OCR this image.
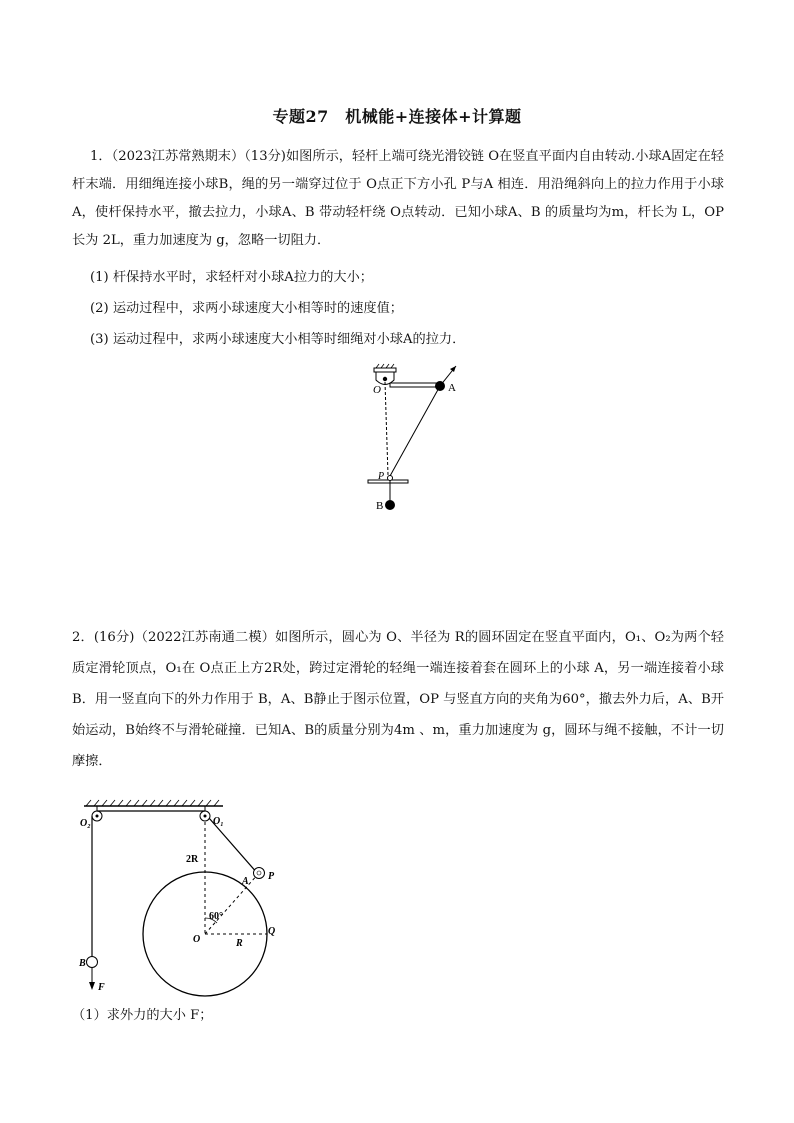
专题27　机械能+连接体+计算题
1．（2023江苏常熟期末）（13分)如图所示，轻杆上端可绕光滑铰链 O在竖直平面内自由转动.小球A固定在轻杆末端．用细绳连接小球B，绳的另一端穿过位于 O点正下方小孔 P与A 相连．用沿绳斜向上的拉力作用于小球A，使杆保持水平，撤去拉力，小球A、B 带动轻杆绕 O点转动．已知小球A、B 的质量均为m，杆长为 L，OP长为 2L，重力加速度为 g，忽略一切阻力．
(1) 杆保持水平时，求轻杆对小球A拉力的大小；
(2) 运动过程中，求两小球速度大小相等时的速度值；
(3) 运动过程中，求两小球速度大小相等时细绳对小球A的拉力．
O	A
P
B
2．(16分)（2022江苏南通二模）如图所示，圆心为 O、半径为 R的圆环固定在竖直平面内，O₁、O₂为两个轻质定滑轮顶点，O₁在 O点正上方2R处，跨过定滑轮的轻绳一端连接着套在圆环上的小球 A，另一端连接着小球 B．用一竖直向下的外力作用于 B，A、B静止于图示位置，OP 与竖直方向的夹角为60°，撤去外力后，A、B开始运动，B始终不与滑轮碰撞．已知A、B的质量分别为4m 、m，重力加速度为 g，圆环与绳不接触，不计一切摩擦．
O₂	O₁
2R
A P
60°
O	R
Q
B
F
（1）求外力的大小 F；
